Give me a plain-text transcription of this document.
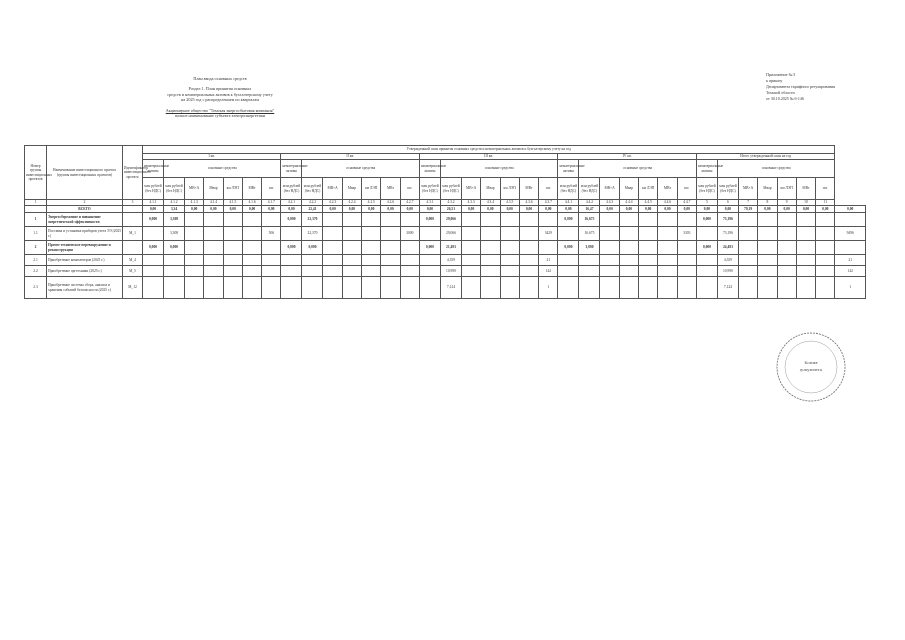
Приложение № 5
к приказу
Департамента тарифного регулирования
Томской области
от 30.10.2025 № 6-146
План ввода основных средств
Раздел 1. План принятия основных
средств и нематериальных активов к бухгалтерскому учету
на 2025 год с распределением по кварталам
Акционерное общество "Томская энергосбытовая компания"
полное наименование субъекта электроэнергетики
Номер группы инвестиционных проектов	Наименование инвестиционного проекта (группы инвестиционных проектов)	Идентификатор инвестиционного проекта	Утвержденный план принятия основных средств и нематериальных активов к бухгалтерскому учету на год																																			
			I кв.							II кв.							III кв.							IV кв.							Итого утвержденный план на год							
			нематериальные активы	основные средства						нематериальные активы	основные средства						нематериальные активы	основные средства						нематериальные активы	основные средства						нематериальные активы	основные средства						
			млн рублей (без НДС)	млн рублей (без НДС)	МВ×А	Мвар	км ЛЭП	МВт	шт.	млн рублей (без НДС)	млн рублей (без НДС)	МВ×А	Мвар	км ЛЭП	МВт	шт.	млн рублей (без НДС)	млн рублей (без НДС)	МВ×А	Мвар	км ЛЭП	МВт	шт.	млн рублей (без НДС)	млн рублей (без НДС)	МВ×А	Мвар	км ЛЭП	МВт	шт.	млн рублей (без НДС)	млн рублей (без НДС)	МВ×А	Мвар	км ЛЭП	МВт	шт.	
1	2	3	4.1.1	4.1.2	4.1.3	4.1.4	4.1.5	4.1.6	4.1.7	4.2.1	4.2.2	4.2.3	4.2.4	4.2.5	4.2.6	4.2.7	4.3.1	4.3.2	4.3.3	4.3.4	4.3.5	4.3.6	4.3.7	4.4.1	4.4.2	4.4.3	4.4.4	4.4.5	4.4.6	4.4.7	5	6	7	8	9	10	11	
	ВСЕГО		0,00	3,34	0,00	0,00	0,00	0,00	0,00	0,00	22,41	0,00	0,00	0,00	0,00	0,00	0,00	26,51	0,00	0,00	0,00	0,00	0,00	0,00	16,47	0,00	0,00	0,00	0,00	0,00	0,00	0,00	79,19	0,00	0,00	0,00	0,00	0,00
1	Энергосбережение и повышение энергетической эффективности		0,000	3,308						0,000	22,370						0,000	29,066						0,000	16,675						0,000	73,196						
1.1	Поставка и установка приборов учета ЭЭ (2025 г.)	M_1		3,308					506		22,370					3000		29,066					3429		16,675					3303		73,196						9496
2	Прочее техническое перевооружение и реконструкция		0,000	0,000						0,000	0,000						0,000	21,493						0,000	3,000						0,000	24,493						
2.1	Приобретение компьютеров (2025 г.)	M_4																4,359					21									4,359						21
2.2	Приобретение оргтехники (2025 г.)	M_5																10,990					142									10,990						142
2.3	Приобретение системы сбора, анализа и хранения событий безопасности (2025 г.)	M_12																7,124					1									7,124						1
Копия
документа
